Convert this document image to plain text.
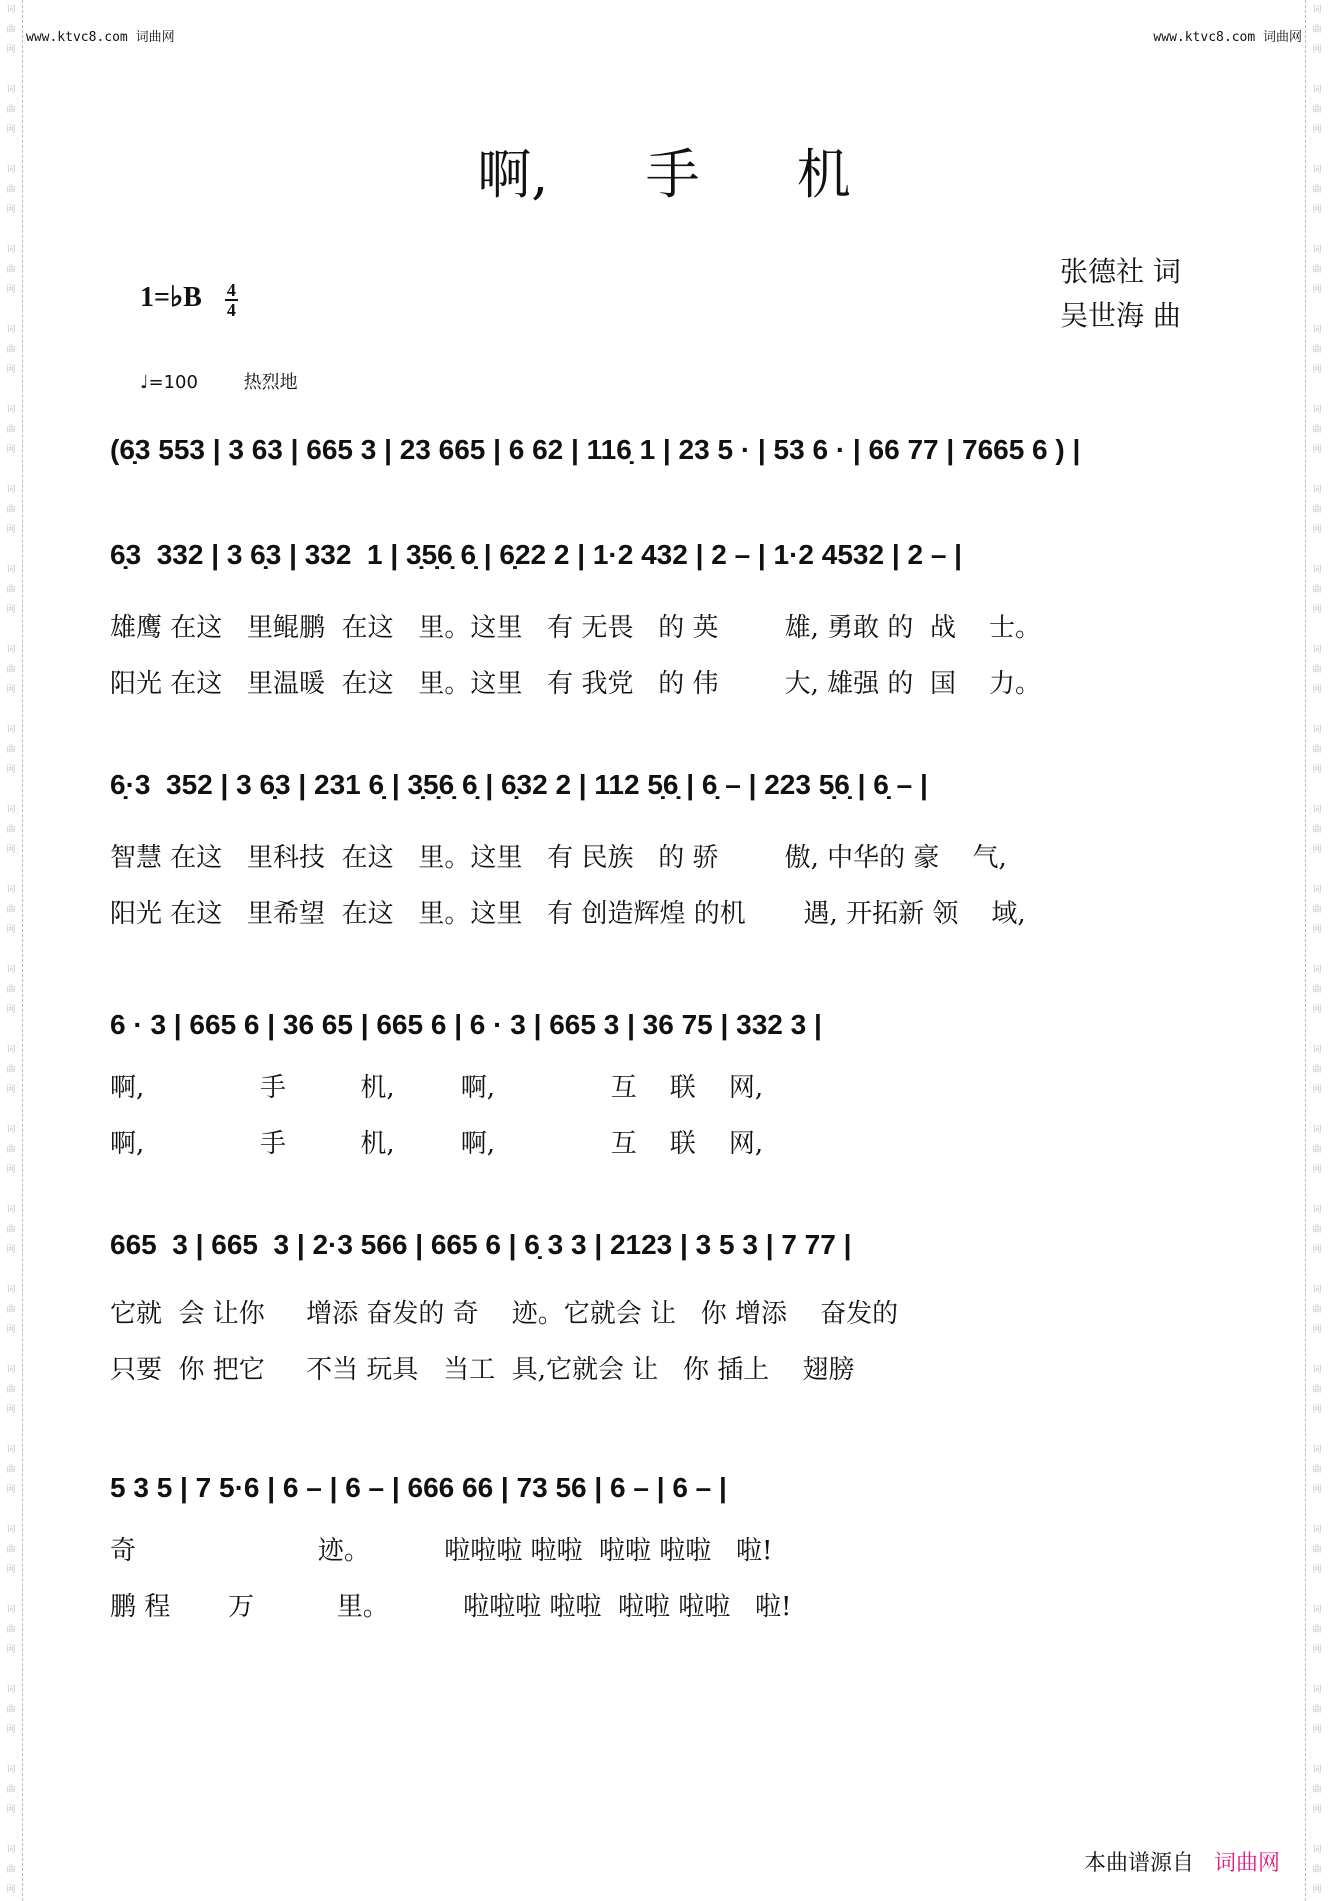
词
曲
网
词
曲
网
词
曲
网
词
曲
网
词
曲
网
词
曲
网
词
曲
网
词
曲
网
词
曲
网
词
曲
网
词
曲
网
词
曲
网
词
曲
网
词
曲
网
词
曲
网
词
曲
网
词
曲
网
词
曲
网
词
曲
网
词
曲
网
词
曲
网
词
曲
网
词
曲
网
词
曲
网
词
曲
网
词
曲
网
词
曲
网
词
曲
网
词
曲
网
词
曲
网
词
曲
网
词
曲
网
词
曲
网
词
曲
网
词
曲
网
词
曲
网
词
曲
网
词
曲
网
词
曲
网
词
曲
网
词
曲
网
词
曲
网
词
曲
网
词
曲
网
词
曲
网
词
曲
网
词
曲
网
词
曲
网
www.ktvc8.com 词曲网	www.ktvc8.com 词曲网
啊, 手 机
1=♭B $\frac{4}{4}$
张德社 词
吴世海 曲
♩=100	热烈地
(6̣3 553 | 3 63 | 665 3 | 23 665 | 6 62 | 116̣ 1 | 23 5 · | 53 6 · | 66 77 | 7665 6 ) |
6̣3  332 | 3 6̣3 | 332  1 | 3̣5̣6̣ 6̣ | 6̣22 2 | 1·2 432 | 2 – | 1·2 4532 | 2 – |
雄鹰 在这   里鲲鹏  在这   里。这里   有 无畏   的 英        雄, 勇敢 的  战    士。
阳光 在这   里温暖  在这   里。这里   有 我党   的 伟        大, 雄强 的  国    力。
6̣·3  352 | 3 6̣3 | 231 6̣ | 3̣5̣6̣ 6̣ | 6̣32 2 | 112 5̣6̣ | 6̣ – | 223 5̣6̣ | 6̣ – |
智慧 在这   里科技  在这   里。这里   有 民族   的 骄        傲, 中华的 豪    气,
阳光 在这   里希望  在这   里。这里   有 创造辉煌 的机       遇, 开拓新 领    域,
6 · 3 | 665 6 | 36 65 | 665 6 | 6 · 3 | 665 3 | 36 75 | 332 3 |
啊,              手         机,        啊,              互    联    网,
啊,              手         机,        啊,              互    联    网,
665  3 | 665  3 | 2·3 566 | 665 6 | 6̣ 3 3 | 2123 | 3 5 3 | 7 77 |
它就  会 让你     增添 奋发的 奇    迹。它就会 让   你 增添    奋发的
只要  你 把它     不当 玩具   当工  具,它就会 让   你 插上    翅膀
5 3 5 | 7 5·6 | 6 – | 6 – | 666 66 | 73 56 | 6 – | 6 – |
奇                      迹。         啦啦啦 啦啦  啦啦 啦啦   啦!
鹏 程       万          里。         啦啦啦 啦啦  啦啦 啦啦   啦!
本曲谱源自 词曲网
